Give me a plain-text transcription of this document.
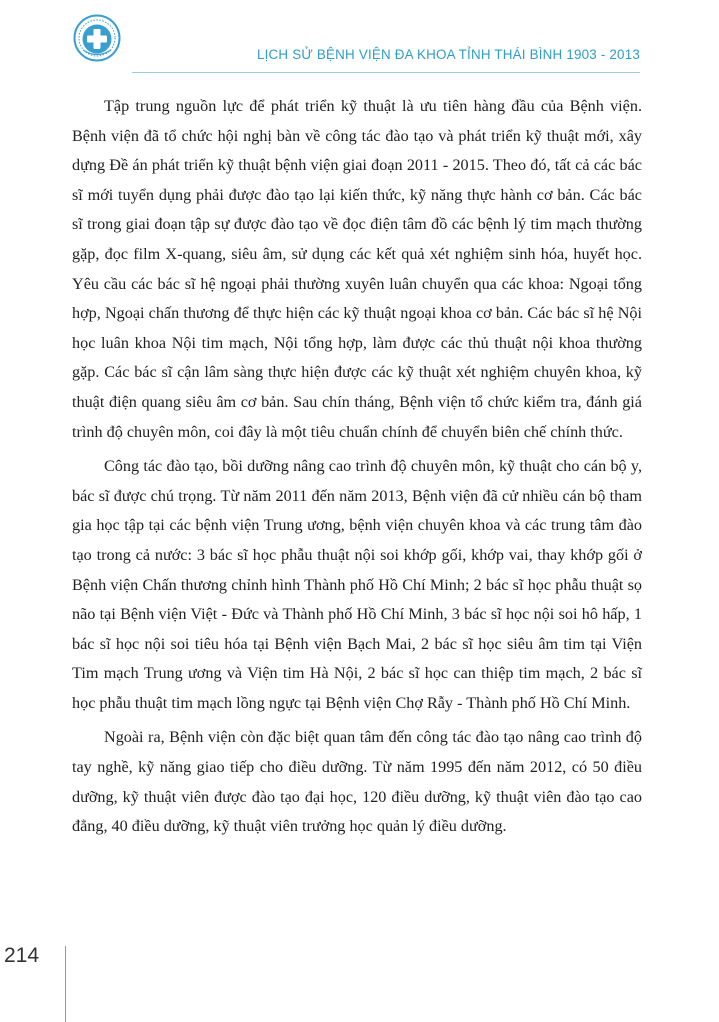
LỊCH SỬ BỆNH VIỆN ĐA KHOA TỈNH THÁI BÌNH 1903 - 2013

Tập trung nguồn lực để phát triển kỹ thuật là ưu tiên hàng đầu của Bệnh viện. Bệnh viện đã tổ chức hội nghị bàn về công tác đào tạo và phát triển kỹ thuật mới, xây dựng Đề án phát triển kỹ thuật bệnh viện giai đoạn 2011 - 2015. Theo đó, tất cả các bác sĩ mới tuyển dụng phải được đào tạo lại kiến thức, kỹ năng thực hành cơ bản. Các bác sĩ trong giai đoạn tập sự được đào tạo về đọc điện tâm đồ các bệnh lý tim mạch thường gặp, đọc film X-quang, siêu âm, sử dụng các kết quả xét nghiệm sinh hóa, huyết học. Yêu cầu các bác sĩ hệ ngoại phải thường xuyên luân chuyển qua các khoa: Ngoại tổng hợp, Ngoại chấn thương để thực hiện các kỹ thuật ngoại khoa cơ bản. Các bác sĩ hệ Nội học luân khoa Nội tim mạch, Nội tổng hợp, làm được các thủ thuật nội khoa thường gặp. Các bác sĩ cận lâm sàng thực hiện được các kỹ thuật xét nghiệm chuyên khoa, kỹ thuật điện quang siêu âm cơ bản. Sau chín tháng, Bệnh viện tổ chức kiểm tra, đánh giá trình độ chuyên môn, coi đây là một tiêu chuẩn chính để chuyển biên chế chính thức.

Công tác đào tạo, bồi dưỡng nâng cao trình độ chuyên môn, kỹ thuật cho cán bộ y, bác sĩ được chú trọng. Từ năm 2011 đến năm 2013, Bệnh viện đã cử nhiều cán bộ tham gia học tập tại các bệnh viện Trung ương, bệnh viện chuyên khoa và các trung tâm đào tạo trong cả nước: 3 bác sĩ học phẫu thuật nội soi khớp gối, khớp vai, thay khớp gối ở Bệnh viện Chấn thương chỉnh hình Thành phố Hồ Chí Minh; 2 bác sĩ học phẫu thuật sọ não tại Bệnh viện Việt - Đức và Thành phố Hồ Chí Minh, 3 bác sĩ học nội soi hô hấp, 1 bác sĩ học nội soi tiêu hóa tại Bệnh viện Bạch Mai, 2 bác sĩ học siêu âm tim tại Viện Tim mạch Trung ương và Viện tim Hà Nội, 2 bác sĩ học can thiệp tim mạch, 2 bác sĩ học phẫu thuật tim mạch lồng ngực tại Bệnh viện Chợ Rẫy - Thành phố Hồ Chí Minh.

Ngoài ra, Bệnh viện còn đặc biệt quan tâm đến công tác đào tạo nâng cao trình độ tay nghề, kỹ năng giao tiếp cho điều dưỡng. Từ năm 1995 đến năm 2012, có 50 điều dưỡng, kỹ thuật viên được đào tạo đại học, 120 điều dưỡng, kỹ thuật viên đào tạo cao đẳng, 40 điều dưỡng, kỹ thuật viên trưởng học quản lý điều dưỡng.

214
